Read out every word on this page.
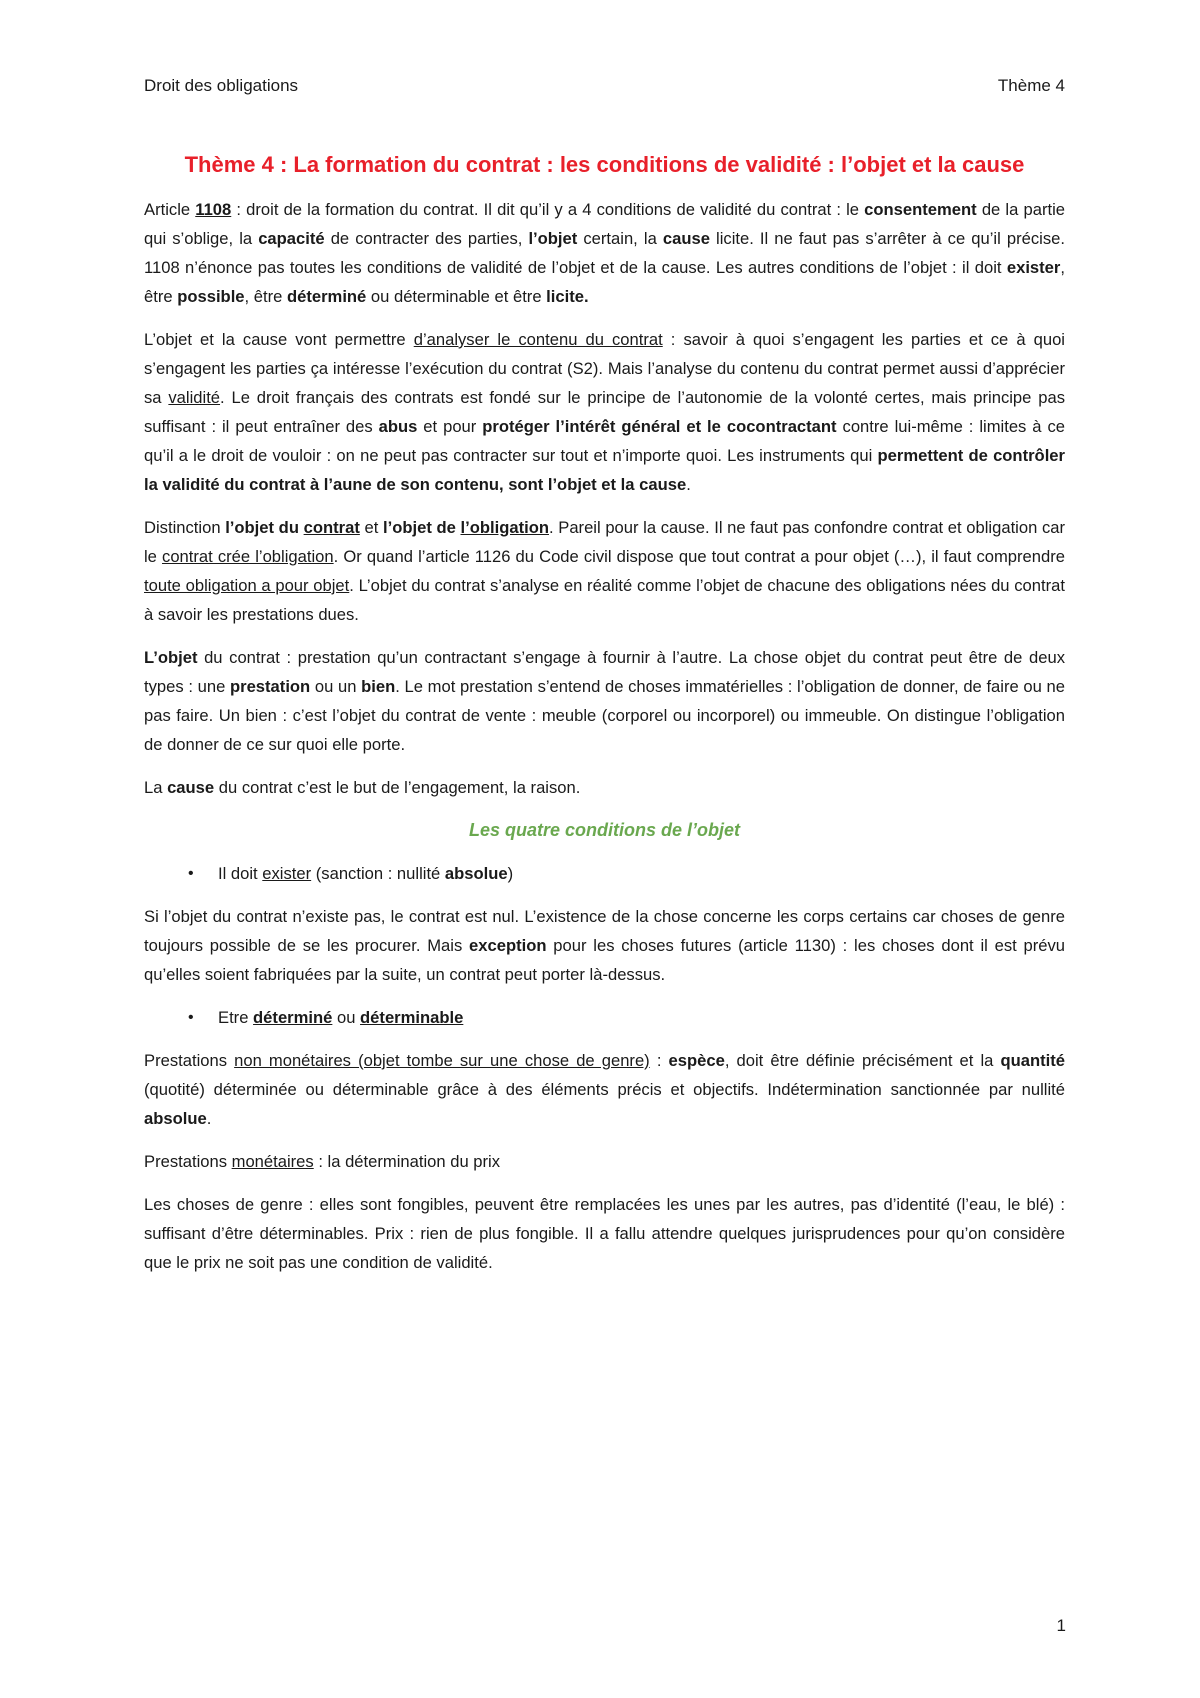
Droit des obligations	Thème 4
Thème 4 : La formation du contrat : les conditions de validité : l’objet et la cause

Article 1108 : droit de la formation du contrat. Il dit qu’il y a 4 conditions de validité du contrat : le consentement de la partie qui s’oblige, la capacité de contracter des parties, l’objet certain, la cause licite. Il ne faut pas s’arrêter à ce qu’il précise. 1108 n’énonce pas toutes les conditions de validité de l’objet et de la cause. Les autres conditions de l’objet : il doit exister, être possible, être déterminé ou déterminable et être licite.

L’objet et la cause vont permettre d’analyser le contenu du contrat : savoir à quoi s’engagent les parties et ce à quoi s’engagent les parties ça intéresse l’exécution du contrat (S2). Mais l’analyse du contenu du contrat permet aussi d’apprécier sa validité. Le droit français des contrats est fondé sur le principe de l’autonomie de la volonté certes, mais principe pas suffisant : il peut entraîner des abus et pour protéger l’intérêt général et le cocontractant contre lui-même : limites à ce qu’il a le droit de vouloir : on ne peut pas contracter sur tout et n’importe quoi. Les instruments qui permettent de contrôler la validité du contrat à l’aune de son contenu, sont l’objet et la cause.

Distinction l’objet du contrat et l’objet de l’obligation. Pareil pour la cause. Il ne faut pas confondre contrat et obligation car le contrat crée l’obligation. Or quand l’article 1126 du Code civil dispose que tout contrat a pour objet (…), il faut comprendre toute obligation a pour objet. L’objet du contrat s’analyse en réalité comme l’objet de chacune des obligations nées du contrat à savoir les prestations dues.

L’objet du contrat : prestation qu’un contractant s’engage à fournir à l’autre. La chose objet du contrat peut être de deux types : une prestation ou un bien. Le mot prestation s’entend de choses immatérielles : l’obligation de donner, de faire ou ne pas faire. Un bien : c’est l’objet du contrat de vente : meuble (corporel ou incorporel) ou immeuble. On distingue l’obligation de donner de ce sur quoi elle porte.

La cause du contrat c’est le but de l’engagement, la raison.

Les quatre conditions de l’objet
• Il doit exister (sanction : nullité absolue)

Si l’objet du contrat n’existe pas, le contrat est nul. L’existence de la chose concerne les corps certains car choses de genre toujours possible de se les procurer. Mais exception pour les choses futures (article 1130) : les choses dont il est prévu qu’elles soient fabriquées par la suite, un contrat peut porter là-dessus.

• Etre déterminé ou déterminable

Prestations non monétaires (objet tombe sur une chose de genre) : espèce, doit être définie précisément et la quantité (quotité) déterminée ou déterminable grâce à des éléments précis et objectifs. Indétermination sanctionnée par nullité absolue.

Prestations monétaires : la détermination du prix

Les choses de genre : elles sont fongibles, peuvent être remplacées les unes par les autres, pas d’identité (l’eau, le blé) : suffisant d’être déterminables. Prix : rien de plus fongible. Il a fallu attendre quelques jurisprudences pour qu’on considère que le prix ne soit pas une condition de validité.

1
